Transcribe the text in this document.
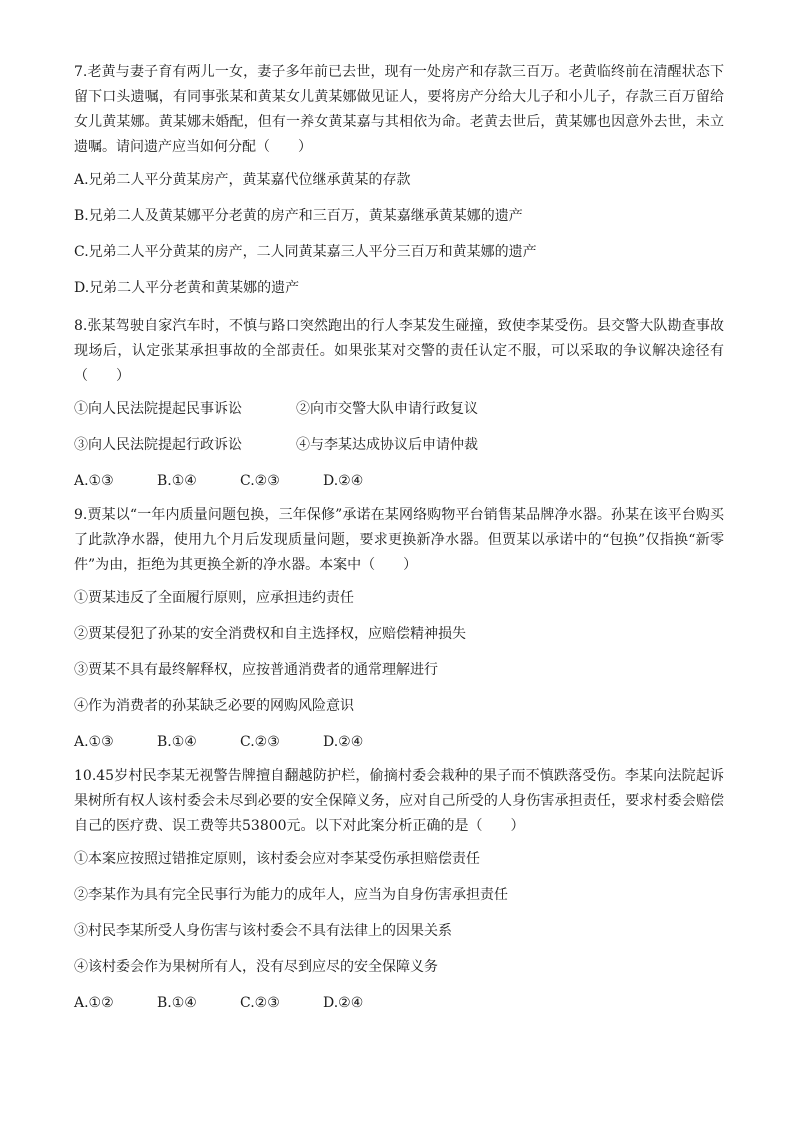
7.老黄与妻子育有两儿一女，妻子多年前已去世，现有一处房产和存款三百万。老黄临终前在清醒状态下留下口头遗嘱，有同事张某和黄某女儿黄某娜做见证人，要将房产分给大儿子和小儿子，存款三百万留给女儿黄某娜。黄某娜未婚配，但有一养女黄某嘉与其相依为命。老黄去世后，黄某娜也因意外去世，未立遗嘱。请问遗产应当如何分配（　　）

A.兄弟二人平分黄某房产，黄某嘉代位继承黄某的存款

B.兄弟二人及黄某娜平分老黄的房产和三百万，黄某嘉继承黄某娜的遗产

C.兄弟二人平分黄某的房产，二人同黄某嘉三人平分三百万和黄某娜的遗产

D.兄弟二人平分老黄和黄某娜的遗产

8.张某驾驶自家汽车时，不慎与路口突然跑出的行人李某发生碰撞，致使李某受伤。县交警大队勘查事故现场后，认定张某承担事故的全部责任。如果张某对交警的责任认定不服，可以采取的争议解决途径有（　　）

①向人民法院提起民事诉讼	②向市交警大队申请行政复议
③向人民法院提起行政诉讼	④与李某达成协议后申请仲裁
A.①③	B.①④	C.②③	D.②④

9.贾某以“一年内质量问题包换，三年保修”承诺在某网络购物平台销售某品牌净水器。孙某在该平台购买了此款净水器，使用九个月后发现质量问题，要求更换新净水器。但贾某以承诺中的“包换”仅指换“新零件”为由，拒绝为其更换全新的净水器。本案中（　　）

①贾某违反了全面履行原则，应承担违约责任

②贾某侵犯了孙某的安全消费权和自主选择权，应赔偿精神损失

③贾某不具有最终解释权，应按普通消费者的通常理解进行

④作为消费者的孙某缺乏必要的网购风险意识

A.①③	B.①④	C.②③	D.②④

10.45岁村民李某无视警告牌擅自翻越防护栏，偷摘村委会栽种的果子而不慎跌落受伤。李某向法院起诉果树所有权人该村委会未尽到必要的安全保障义务，应对自己所受的人身伤害承担责任，要求村委会赔偿自己的医疗费、误工费等共53800元。以下对此案分析正确的是（　　）

①本案应按照过错推定原则，该村委会应对李某受伤承担赔偿责任

②李某作为具有完全民事行为能力的成年人，应当为自身伤害承担责任

③村民李某所受人身伤害与该村委会不具有法律上的因果关系

④该村委会作为果树所有人，没有尽到应尽的安全保障义务

A.①②	B.①④	C.②③	D.②④
